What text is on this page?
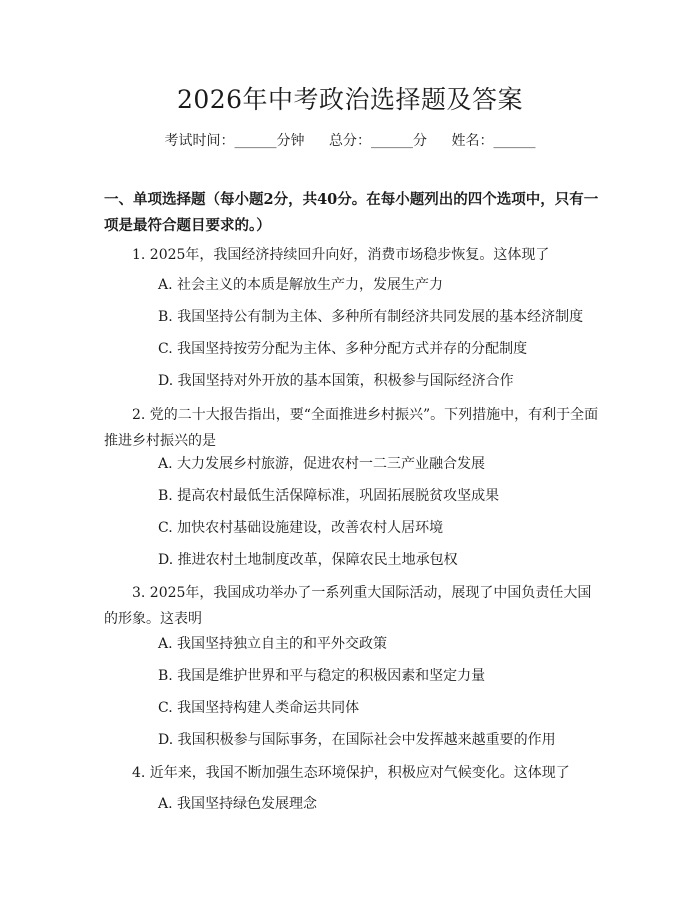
2026年中考政治选择题及答案
考试时间：______分钟 总分：______分 姓名：______
一、单项选择题（每小题2分，共40分。在每小题列出的四个选项中，只有一项是最符合题目要求的。）
1. 2025年，我国经济持续回升向好，消费市场稳步恢复。这体现了
A. 社会主义的本质是解放生产力，发展生产力
B. 我国坚持公有制为主体、多种所有制经济共同发展的基本经济制度
C. 我国坚持按劳分配为主体、多种分配方式并存的分配制度
D. 我国坚持对外开放的基本国策，积极参与国际经济合作
2. 党的二十大报告指出，要“全面推进乡村振兴”。下列措施中，有利于全面推进乡村振兴的是
A. 大力发展乡村旅游，促进农村一二三产业融合发展
B. 提高农村最低生活保障标准，巩固拓展脱贫攻坚成果
C. 加快农村基础设施建设，改善农村人居环境
D. 推进农村土地制度改革，保障农民土地承包权
3. 2025年，我国成功举办了一系列重大国际活动，展现了中国负责任大国的形象。这表明
A. 我国坚持独立自主的和平外交政策
B. 我国是维护世界和平与稳定的积极因素和坚定力量
C. 我国坚持构建人类命运共同体
D. 我国积极参与国际事务，在国际社会中发挥越来越重要的作用
4. 近年来，我国不断加强生态环境保护，积极应对气候变化。这体现了
A. 我国坚持绿色发展理念
